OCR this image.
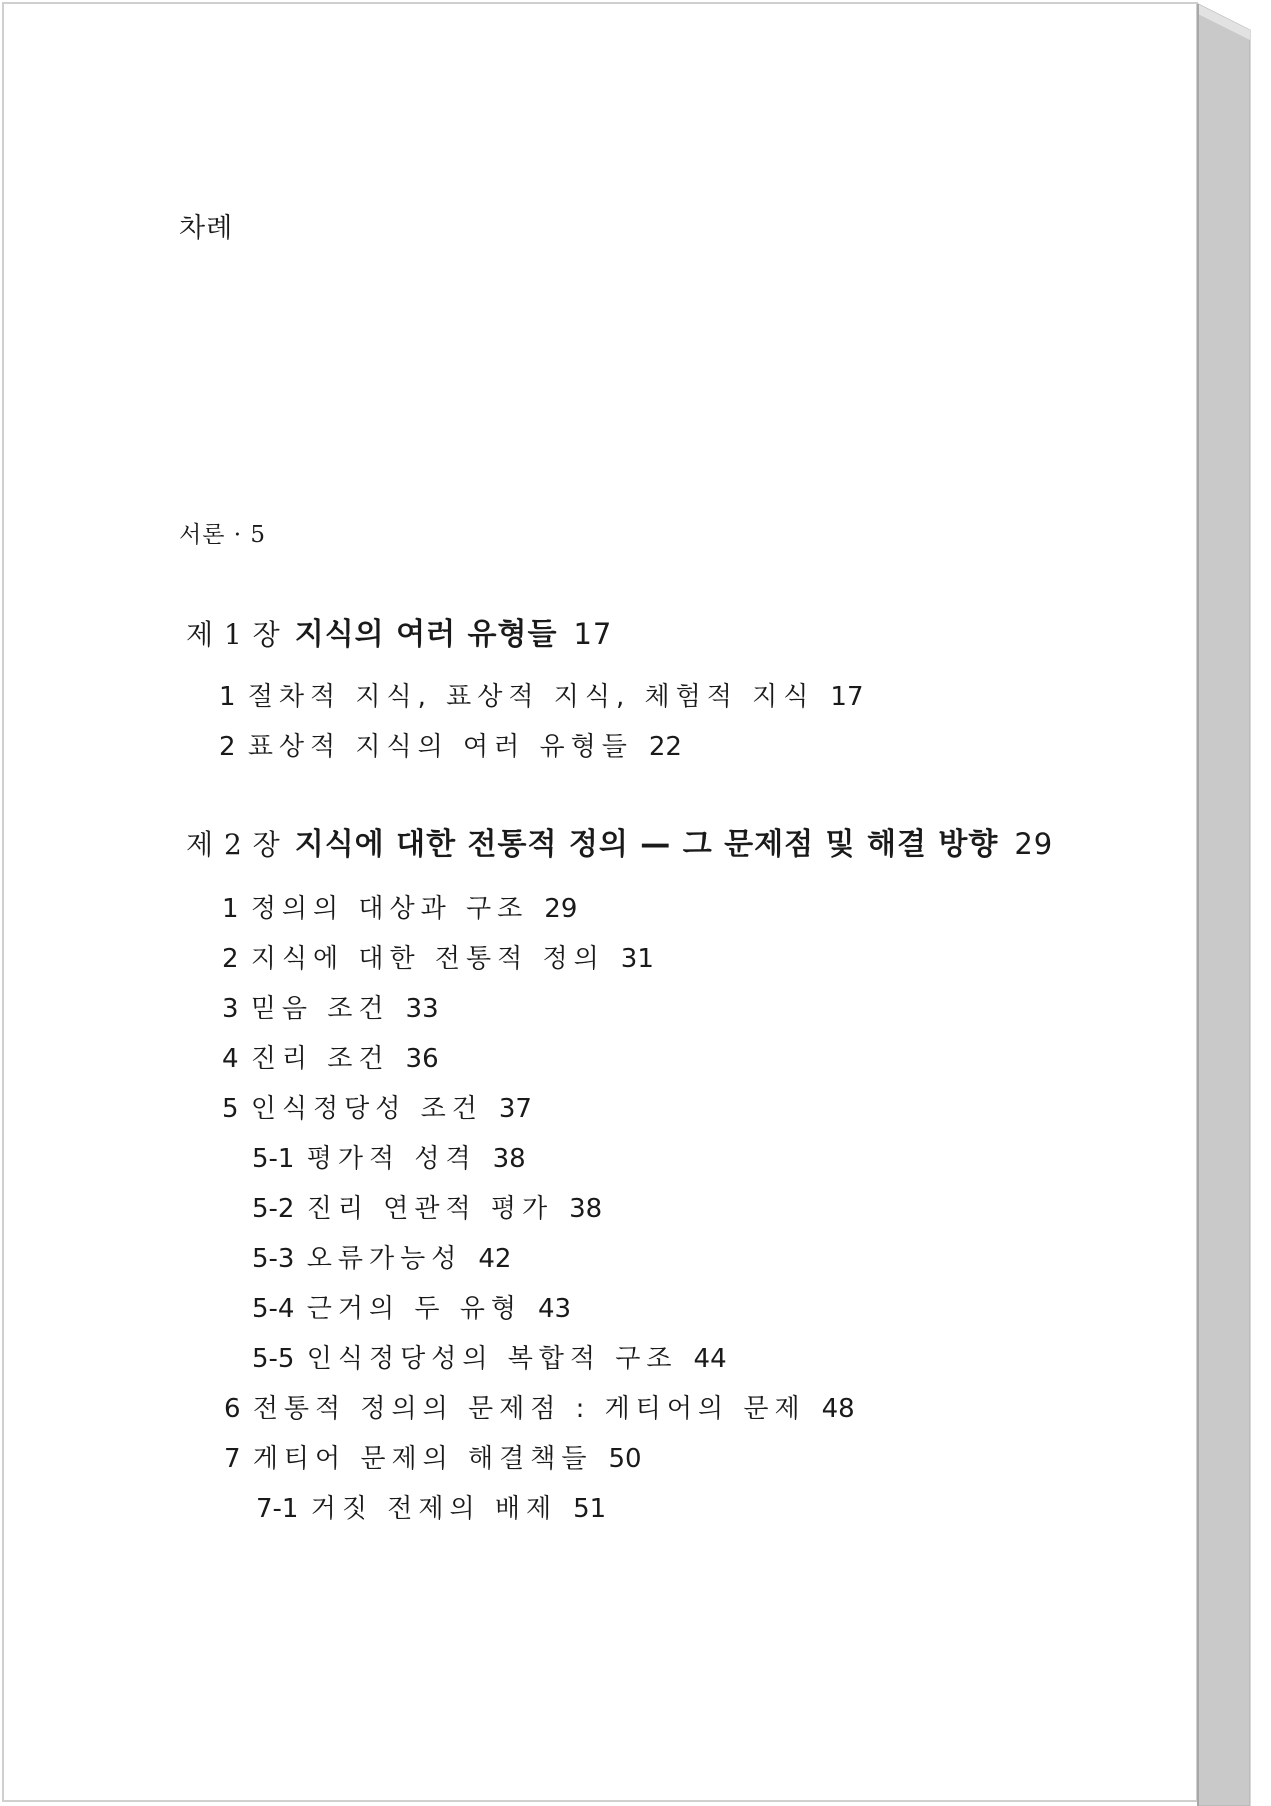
차례
서론 · 5
제 1 장 지식의 여러 유형들 17
1 절차적 지식, 표상적 지식, 체험적 지식 17
2 표상적 지식의 여러 유형들 22
제 2 장 지식에 대한 전통적 정의 — 그 문제점 및 해결 방향 29
1 정의의 대상과 구조 29
2 지식에 대한 전통적 정의 31
3 믿음 조건 33
4 진리 조건 36
5 인식정당성 조건 37
5-1 평가적 성격 38
5-2 진리 연관적 평가 38
5-3 오류가능성 42
5-4 근거의 두 유형 43
5-5 인식정당성의 복합적 구조 44
6 전통적 정의의 문제점 : 게티어의 문제 48
7 게티어 문제의 해결책들 50
7-1 거짓 전제의 배제 51
